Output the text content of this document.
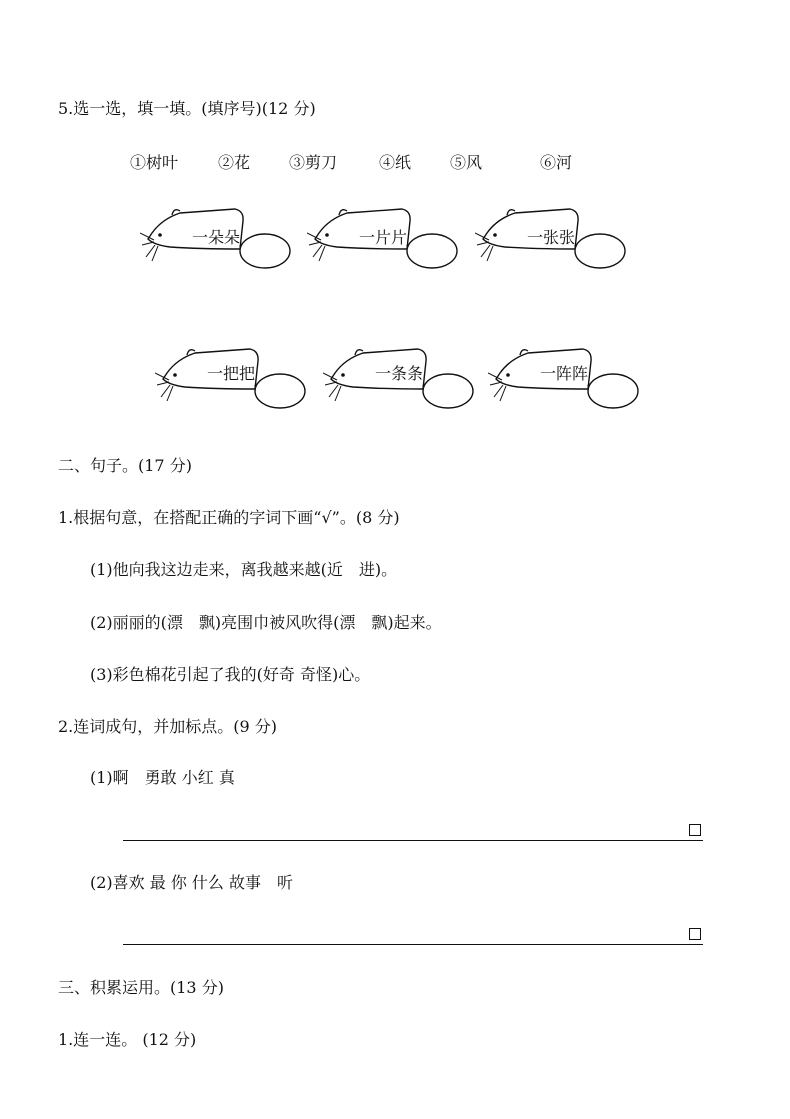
5.选一选，填一填。(填序号)(12 分)
①树叶 ②花 ③剪刀	④纸 ⑤风	⑥河
一朵朵	一片片	一张张
一把把	一条条	一阵阵
二、句子。(17 分)
1.根据句意，在搭配正确的字词下画“√”。(8 分)
(1)他向我这边走来，离我越来越(近　进)。
(2)丽丽的(漂　飘)亮围巾被风吹得(漂　飘)起来。
(3)彩色棉花引起了我的(好奇 奇怪)心。
2.连词成句，并加标点。(9 分)
(1)啊　勇敢 小红 真
(2)喜欢 最 你 什么 故事　听
三、积累运用。(13 分)
1.连一连。 (12 分)
